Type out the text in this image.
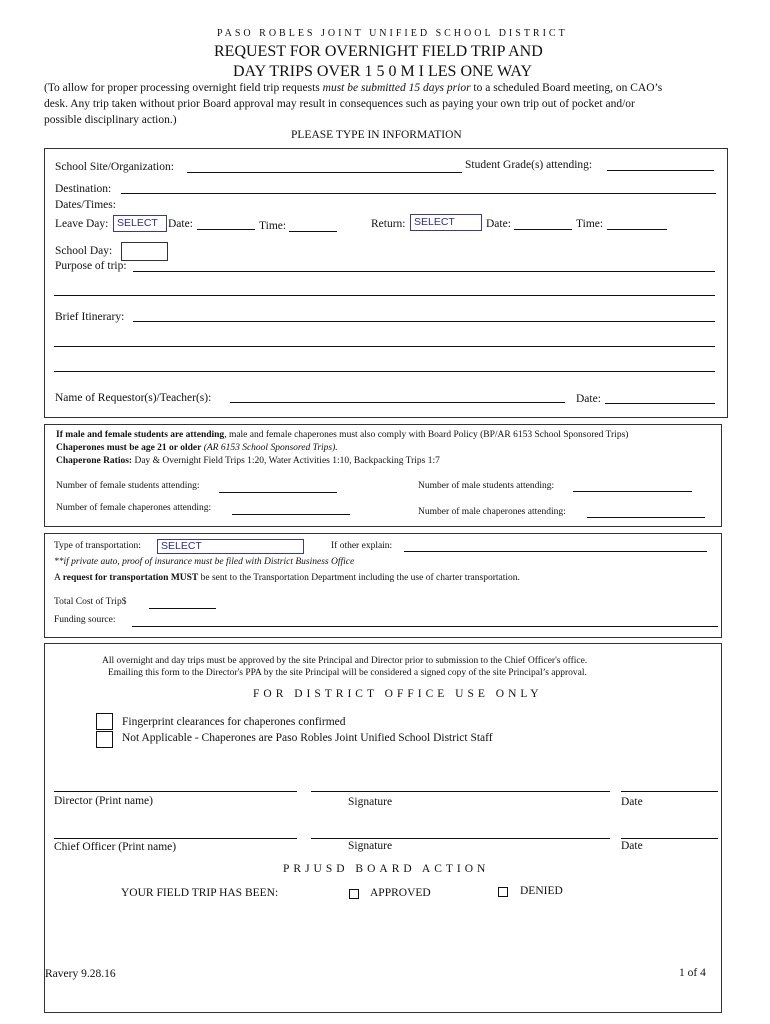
PASO ROBLES JOINT UNIFIED SCHOOL DISTRICT
REQUEST FOR OVERNIGHT FIELD TRIP AND
DAY TRIPS OVER 1 5 0 M I LES ONE WAY
(To allow for proper processing overnight field trip requests must be submitted 15 days prior to a scheduled Board meeting, on CAO’s
desk. Any trip taken without prior Board approval may result in consequences such as paying your own trip out of pocket and/or
possible disciplinary action.)
PLEASE TYPE IN INFORMATION
School Site/Organization:	Student Grade(s) attending:
Destination:
Dates/Times:
Leave Day: SELECT Date:	Time:	Return: SELECT	Date:	Time:
School Day:
Purpose of trip:
Brief Itinerary:
Name of Requestor(s)/Teacher(s):	Date:
If male and female students are attending, male and female chaperones must also comply with Board Policy (BP/AR 6153 School Sponsored Trips)
Chaperones must be age 21 or older (AR 6153 School Sponsored Trips).
Chaperone Ratios: Day & Overnight Field Trips 1:20, Water Activities 1:10, Backpacking Trips 1:7
Number of female students attending:	Number of male students attending:
Number of female chaperones attending:	Number of male chaperones attending:
Type of transportation:	SELECT	If other explain:
**if private auto, proof of insurance must be filed with District Business Office
A request for transportation MUST be sent to the Transportation Department including the use of charter transportation.
Total Cost of Trip$
Funding source:
All overnight and day trips must be approved by the site Principal and Director prior to submission to the Chief Officer's office.
Emailing this form to the Director's PPA by the site Principal will be considered a signed copy of the site Principal’s approval.
FOR DISTRICT OFFICE USE ONLY
Fingerprint clearances for chaperones confirmed
Not Applicable - Chaperones are Paso Robles Joint Unified School District Staff
Director (Print name)	Signature	Date
Chief Officer (Print name)	Signature	Date
PRJUSD BOARD ACTION
YOUR FIELD TRIP HAS BEEN:	APPROVED	DENIED
Ravery 9.28.16	1 of 4
